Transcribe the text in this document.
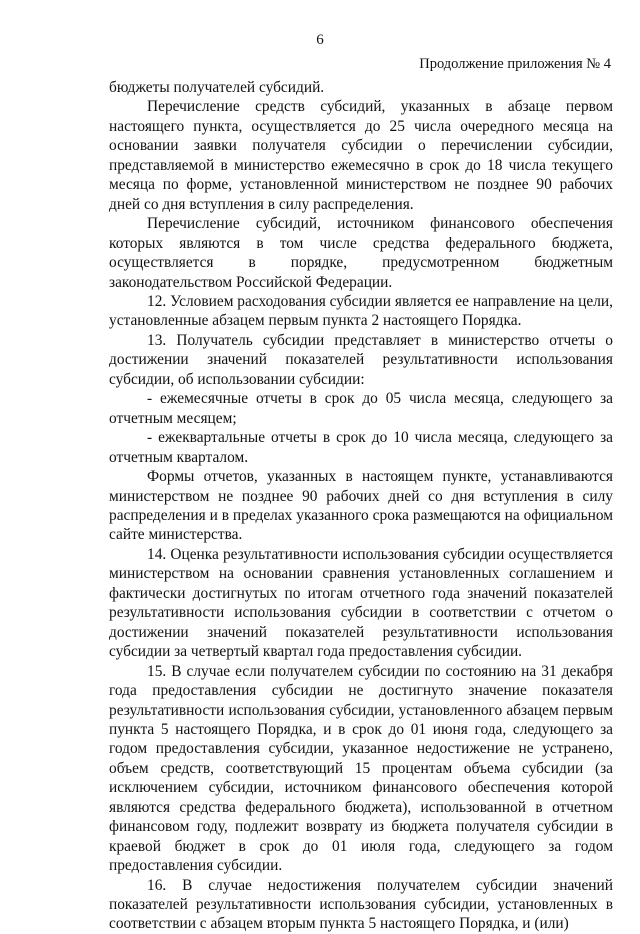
6
Продолжение приложения № 4

бюджеты получателей субсидий.

Перечисление средств субсидий, указанных в абзаце первом настоящего пункта, осуществляется до 25 числа очередного месяца на основании заявки получателя субсидии о перечислении субсидии, представляемой в министерство ежемесячно в срок до 18 числа текущего месяца по форме, установленной министерством не позднее 90 рабочих дней со дня вступления в силу распределения.

Перечисление субсидий, источником финансового обеспечения которых являются в том числе средства федерального бюджета, осуществляется в порядке, предусмотренном бюджетным законодательством Российской Федерации.

12. Условием расходования субсидии является ее направление на цели, установленные абзацем первым пункта 2 настоящего Порядка.

13. Получатель субсидии представляет в министерство отчеты о достижении значений показателей результативности использования субсидии, об использовании субсидии:

- ежемесячные отчеты в срок до 05 числа месяца, следующего за отчетным месяцем;

- ежеквартальные отчеты в срок до 10 числа месяца, следующего за отчетным кварталом.

Формы отчетов, указанных в настоящем пункте, устанавливаются министерством не позднее 90 рабочих дней со дня вступления в силу распределения и в пределах указанного срока размещаются на официальном сайте министерства.

14. Оценка результативности использования субсидии осуществляется министерством на основании сравнения установленных соглашением и фактически достигнутых по итогам отчетного года значений показателей результативности использования субсидии в соответствии с отчетом о достижении значений показателей результативности использования субсидии за четвертый квартал года предоставления субсидии.

15. В случае если получателем субсидии по состоянию на 31 декабря года предоставления субсидии не достигнуто значение показателя результативности использования субсидии, установленного абзацем первым пункта 5 настоящего Порядка, и в срок до 01 июня года, следующего за годом предоставления субсидии, указанное недостижение не устранено, объем средств, соответствующий 15 процентам объема субсидии (за исключением субсидии, источником финансового обеспечения которой являются средства федерального бюджета), использованной в отчетном финансовом году, подлежит возврату из бюджета получателя субсидии в краевой бюджет в срок до 01 июля года, следующего за годом предоставления субсидии.

16. В случае недостижения получателем субсидии значений показателей результативности использования субсидии, установленных в соответствии с абзацем вторым пункта 5 настоящего Порядка, и (или)
